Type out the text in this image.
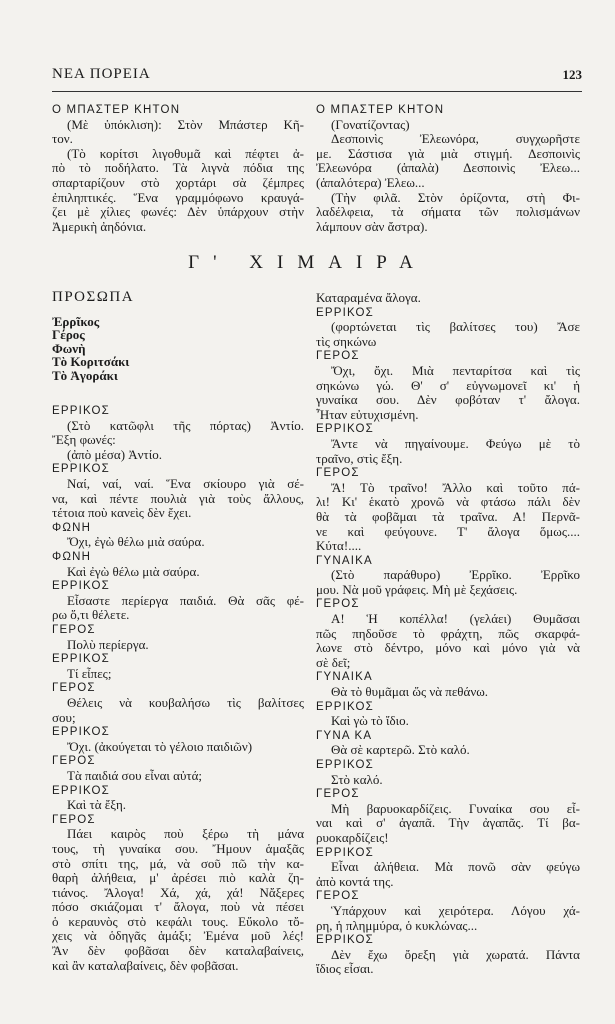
ΝΕΑ ΠΟΡΕΙΑ	123
Ο ΜΠΑΣΤΕΡ ΚΗΤΟΝ
(Μὲ ὑπόκλιση): Στὸν Μπάστερ Κῆ-
τον.
(Τὸ κορίτσι λιγοθυμᾶ καὶ πέφτει ἀ-
πὸ τὸ ποδήλατο. Τὰ λιγνὰ πόδια της
σπαρταρίζουν στὸ χορτάρι σὰ ζέμπρες
ἐπιληπτικές. Ἕνα γραμμόφωνο κραυγά-
ζει μὲ χίλιες φωνές: Δὲν ὑπάρχουν στὴν
Ἀμερικὴ ἀηδόνια.
Ο ΜΠΑΣΤΕΡ ΚΗΤΟΝ
(Γονατίζοντας)
Δεσποινὶς Ἐλεωνόρα, συγχωρῆστε
με. Σάστισα γιὰ μιὰ στιγμή. Δεσποινὶς
Ἐλεωνόρα (ἁπαλὰ) Δεσποινὶς Ἐλεω...
(ἁπαλότερα) Ἐλεω...
(Τὴν φιλᾶ. Στὸν ὁρίζοντα, στὴ Φι-
λαδέλφεια, τὰ σήματα τῶν πολισμάνων
λάμπουν σὰν ἄστρα).
Γ' ΧΙΜΑΙΡΑ
ΠΡΟΣΩΠΑ
Ἐρρῖκος
Γέρος
Φωνὴ
Τὸ Κοριτσάκι
Τὸ Ἀγοράκι
ΕΡΡΙΚΟΣ
(Στὸ κατῶφλι τῆς πόρτας) Ἀντίο.
Ἔξη φωνές:
(ἀπὸ μέσα) Ἀντίο.
ΕΡΡΙΚΟΣ
Ναί, ναί, ναί. Ἕνα σκίουρο γιὰ σέ-
να, καὶ πέντε πουλιὰ γιὰ τοὺς ἄλλους,
τέτοια ποὺ κανεὶς δὲν ἔχει.
ΦΩΝΗ
Ὄχι, ἐγὼ θέλω μιὰ σαύρα.
ΦΩΝΗ
Καὶ ἐγὼ θέλω μιὰ σαύρα.
ΕΡΡΙΚΟΣ
Εἶσαστε περίεργα παιδιά. Θὰ σᾶς φέ-
ρω ὅ,τι θέλετε.
ΓΕΡΟΣ
Πολὺ περίεργα.
ΕΡΡΙΚΟΣ
Τί εἶπες;
ΓΕΡΟΣ
Θέλεις νὰ κουβαλήσω τὶς βαλίτσες
σου;
ΕΡΡΙΚΟΣ
Ὄχι. (ἀκούγεται τὸ γέλοιο παιδιῶν)
ΓΕΡΟΣ
Τὰ παιδιά σου εἶναι αὐτά;
ΕΡΡΙΚΟΣ
Καὶ τὰ ἔξη.
ΓΕΡΟΣ
Πάει καιρὸς ποὺ ξέρω τὴ μάνα
τους, τὴ γυναίκα σου. Ἤμουν ἁμαξᾶς
στὸ σπίτι της, μά, νὰ σοῦ πῶ τὴν κα-
θαρὴ ἀλήθεια, μ' ἀρέσει πιὸ καλὰ ζη-
τιάνος. Ἄλογα! Χά, χά, χά! Νἄξερες
πόσο σκιάζομαι τ' ἄλογα, ποὺ νὰ πέσει
ὁ κεραυνὸς στὸ κεφάλι τους. Εὔκολο τὄ-
χεις νὰ ὁδηγᾶς ἁμάξι; Ἐμένα μοῦ λές!
Ἂν δὲν φοβᾶσαι δὲν καταλαβαίνεις,
καὶ ἂν καταλαβαίνεις, δὲν φοβᾶσαι.
Καταραμένα ἄλογα.
ΕΡΡΙΚΟΣ
(φορτώνεται τὶς βαλίτσες του) Ἄσε
τὶς σηκώνω
ΓΕΡΟΣ
Ὄχι, ὄχι. Μιὰ πενταρίτσα καὶ τὶς
σηκώνω γώ. Θ' σ' εὐγνωμονεῖ κι' ἡ
γυναίκα σου. Δὲν φοβόταν τ' ἄλογα.
Ἦταν εὐτυχισμένη.
ΕΡΡΙΚΟΣ
Ἄντε νὰ πηγαίνουμε. Φεύγω μὲ τὸ
τραῖνο, στὶς ἔξη.
ΓΕΡΟΣ
Ἄ! Τὸ τραῖνο! Ἄλλο καὶ τοῦτο πά-
λι! Κι' ἑκατὸ χρονῶ νὰ φτάσω πάλι δὲν
θὰ τὰ φοβᾶμαι τὰ τραῖνα. Α! Περνᾶ-
νε καὶ φεύγουνε. Τ' ἄλογα ὅμως....
Κύτα!....
ΓΥΝΑΙΚΑ
(Στὸ παράθυρο) Ἐρρῖκο. Ἐρρῖκο
μου. Νὰ μοῦ γράφεις. Μὴ μὲ ξεχάσεις.
ΓΕΡΟΣ
Α! Ἡ κοπέλλα! (γελάει) Θυμᾶσαι
πῶς πηδοῦσε τὸ φράχτη, πῶς σκαρφά-
λωνε στὸ δέντρο, μόνο καὶ μόνο γιὰ νὰ
σὲ δεῖ;
ΓΥΝΑΙΚΑ
Θὰ τὸ θυμᾶμαι ὥς νὰ πεθάνω.
ΕΡΡΙΚΟΣ
Καὶ γὼ τὸ ἴδιο.
ΓΥΝΑ ΚΑ
Θὰ σὲ καρτερῶ. Στὸ καλό.
ΕΡΡΙΚΟΣ
Στὸ καλό.
ΓΕΡΟΣ
Μὴ βαρυοκαρδίζεις. Γυναίκα σου εἶ-
ναι καὶ σ' ἀγαπᾶ. Τὴν ἀγαπᾶς. Τί βα-
ρυοκαρδίζεις!
ΕΡΡΙΚΟΣ
Εἶναι ἀλήθεια. Μὰ πονῶ σὰν φεύγω
ἀπὸ κοντά της.
ΓΕΡΟΣ
Ὑπάρχουν καὶ χειρότερα. Λόγου χά-
ρη, ἡ πλημμύρα, ὁ κυκλώνας...
ΕΡΡΙΚΟΣ
Δὲν ἔχω ὄρεξη γιὰ χωρατά. Πάντα
ἴδιος εἶσαι.
